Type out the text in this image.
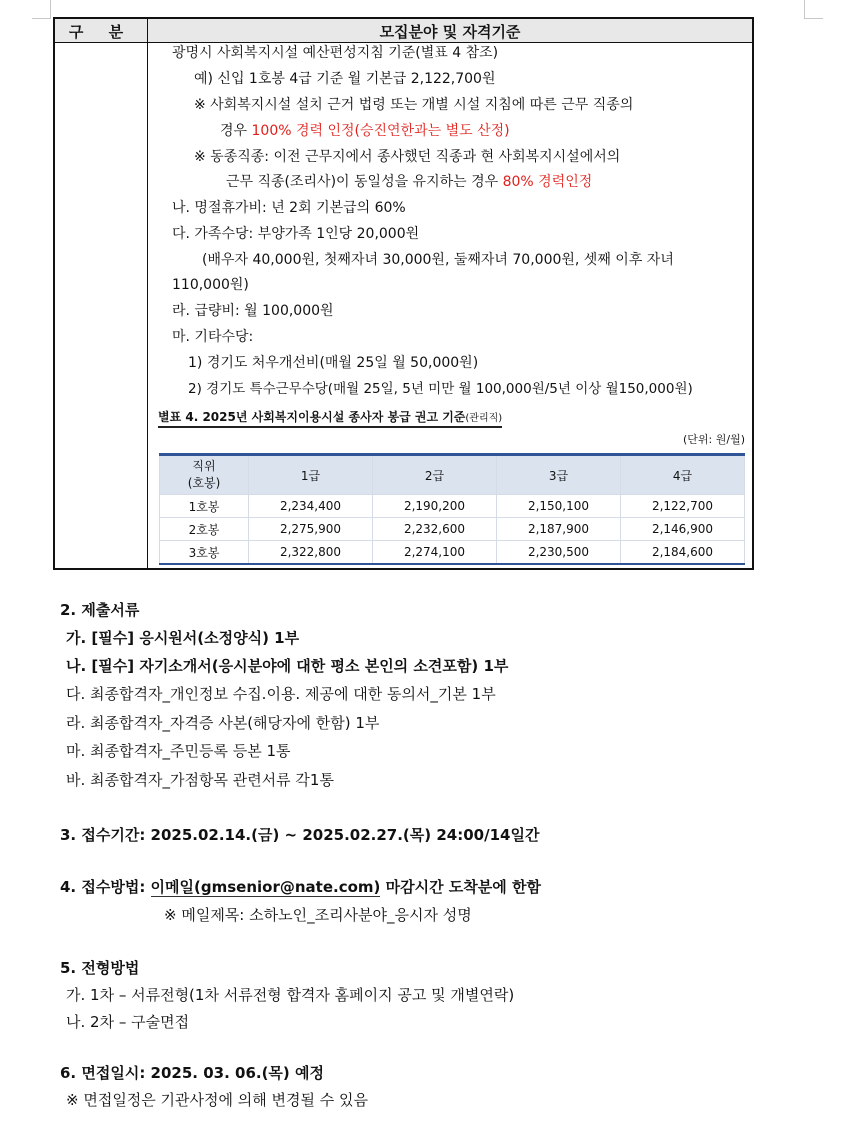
구 분	모집분야 및 자격기준
광명시 사회복지시설 예산편성지침 기준(별표 4 참조)
예) 신입 1호봉 4급 기준 월 기본급 2,122,700원
※ 사회복지시설 설치 근거 법령 또는 개별 시설 지침에 따른 근무 직종의
경우 100% 경력 인정(승진연한과는 별도 산정)
※ 동종직종: 이전 근무지에서 종사했던 직종과 현 사회복지시설에서의
근무 직종(조리사)이 동일성을 유지하는 경우 80% 경력인정
나. 명절휴가비: 년 2회 기본급의 60%
다. 가족수당: 부양가족 1인당 20,000원
(배우자 40,000원, 첫째자녀 30,000원, 둘째자녀 70,000원, 셋째 이후 자녀
110,000원)
라. 급량비: 월 100,000원
마. 기타수당:
1) 경기도 처우개선비(매월 25일 월 50,000원)
2) 경기도 특수근무수당(매월 25일, 5년 미만 월 100,000원/5년 이상 월150,000원)
별표 4. 2025년 사회복지이용시설 종사자 봉급 권고 기준(관리직)
(단위: 원/월)
직위
(호봉)	1급	2급	3급	4급
1호봉	2,234,400	2,190,200	2,150,100	2,122,700
2호봉	2,275,900	2,232,600	2,187,900	2,146,900
3호봉	2,322,800	2,274,100	2,230,500	2,184,600
2. 제출서류
가. [필수] 응시원서(소정양식) 1부
나. [필수] 자기소개서(응시분야에 대한 평소 본인의 소견포함) 1부
다. 최종합격자_개인정보 수집.이용. 제공에 대한 동의서_기본 1부
라. 최종합격자_자격증 사본(해당자에 한함) 1부
마. 최종합격자_주민등록 등본 1통
바. 최종합격자_가점항목 관련서류 각1통
3. 접수기간: 2025.02.14.(금) ~ 2025.02.27.(목) 24:00/14일간
4. 접수방법: 이메일(gmsenior@nate.com) 마감시간 도착분에 한함
※ 메일제목: 소하노인_조리사분야_응시자 성명
5. 전형방법
가. 1차 – 서류전형(1차 서류전형 합격자 홈페이지 공고 및 개별연락)
나. 2차 – 구술면접
6. 면접일시: 2025. 03. 06.(목) 예정
※ 면접일정은 기관사정에 의해 변경될 수 있음
